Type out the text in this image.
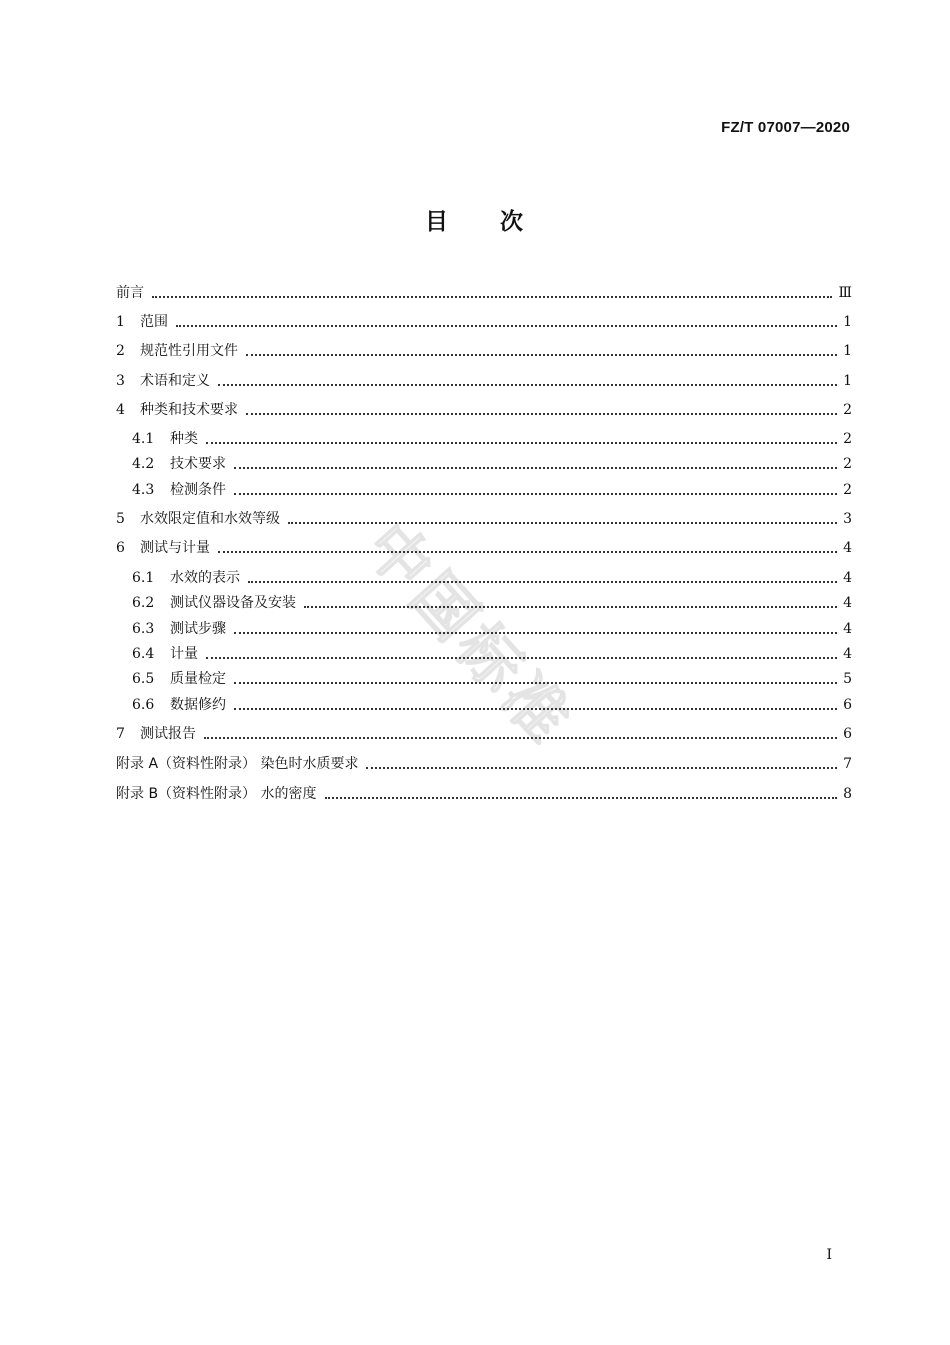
FZ/T 07007—2020
目 次
中国标准
前言	Ⅲ
1 范围	1
2 规范性引用文件	1
3 术语和定义	1
4 种类和技术要求	2
4.1 种类	2
4.2 技术要求	2
4.3 检测条件	2
5 水效限定值和水效等级	3
6 测试与计量	4
6.1 水效的表示	4
6.2 测试仪器设备及安装	4
6.3 测试步骤	4
6.4 计量	4
6.5 质量检定	5
6.6 数据修约	6
7 测试报告	6
附录 A（资料性附录） 染色时水质要求	7
附录 B（资料性附录） 水的密度	8
I
